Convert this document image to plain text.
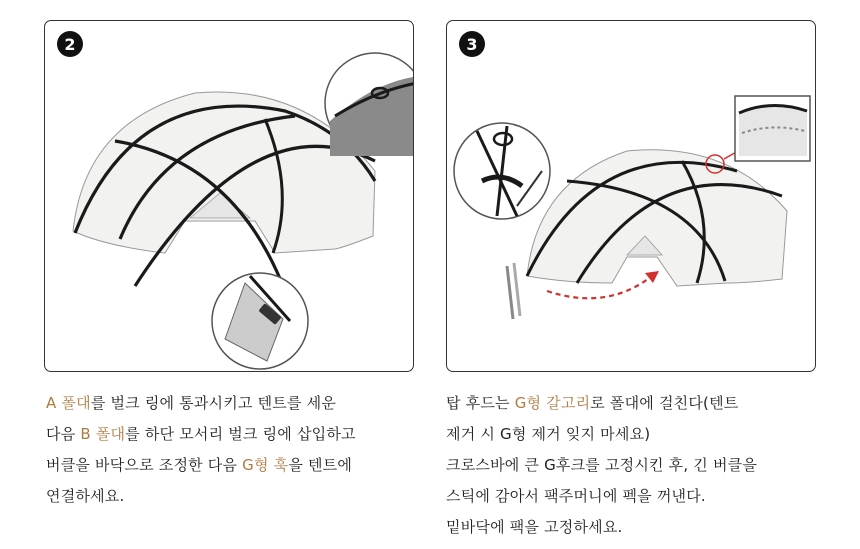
2	3
A 폴대를 벌크 링에 통과시키고 텐트를 세운
다음 B 폴대를 하단 모서리 벌크 링에 삽입하고
버클을 바닥으로 조정한 다음 G형 훅을 텐트에
연결하세요.
탑 후드는 G형 갈고리로 폴대에 걸친다(텐트
제거 시 G형 제거 잊지 마세요)
크로스바에 큰 G후크를 고정시킨 후, 긴 버클을
스틱에 감아서 팩주머니에 펙을 꺼낸다.
밑바닥에 팩을 고정하세요.
